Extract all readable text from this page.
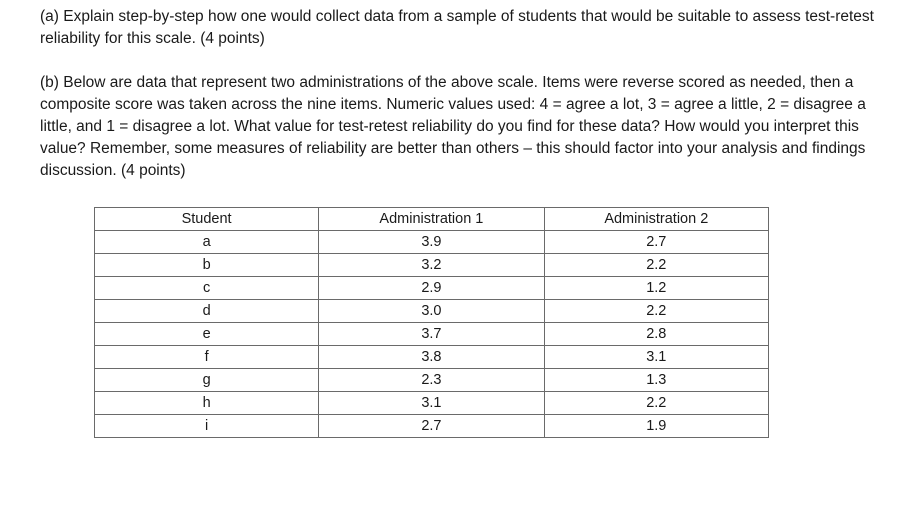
(a) Explain step-by-step how one would collect data from a sample of students that would be suitable to assess test-retest reliability for this scale. (4 points)

(b) Below are data that represent two administrations of the above scale. Items were reverse scored as needed, then a composite score was taken across the nine items. Numeric values used: 4 = agree a lot, 3 = agree a little, 2 = disagree a little, and 1 = disagree a lot. What value for test-retest reliability do you find for these data? How would you interpret this value? Remember, some measures of reliability are better than others – this should factor into your analysis and findings discussion. (4 points)

Student	Administration 1	Administration 2
a	3.9	2.7
b	3.2	2.2
c	2.9	1.2
d	3.0	2.2
e	3.7	2.8
f	3.8	3.1
g	2.3	1.3
h	3.1	2.2
i	2.7	1.9
